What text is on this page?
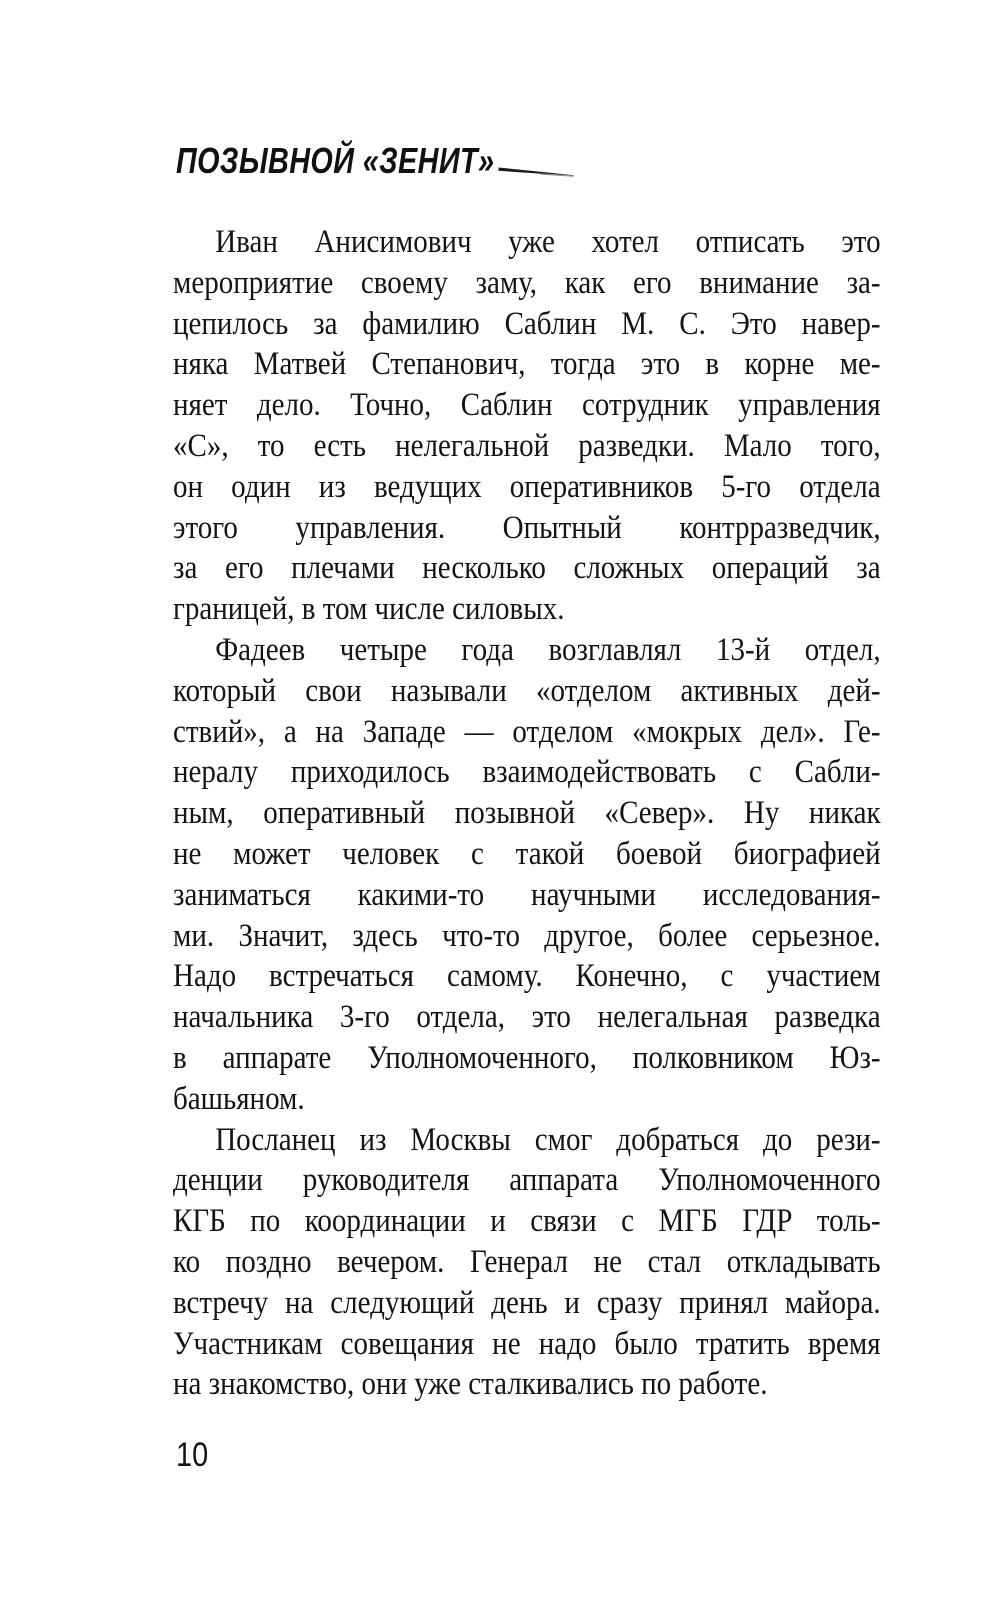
ПОЗЫВНОЙ «ЗЕНИТ»
Иван Анисимович уже хотел отписать это
мероприятие своему заму, как его внимание за-
цепилось за фамилию Саблин М. С. Это навер-
няка Матвей Степанович, тогда это в корне ме-
няет дело. Точно, Саблин сотрудник управления
«С», то есть нелегальной разведки. Мало того,
он один из ведущих оперативников 5-го отдела
этого управления. Опытный контрразведчик,
за его плечами несколько сложных операций за
границей, в том числе силовых.
Фадеев четыре года возглавлял 13-й отдел,
который свои называли «отделом активных дей-
ствий», а на Западе — отделом «мокрых дел». Ге-
нералу приходилось взаимодействовать с Сабли-
ным, оперативный позывной «Север». Ну никак
не может человек с такой боевой биографией
заниматься какими-то научными исследования-
ми. Значит, здесь что-то другое, более серьезное.
Надо встречаться самому. Конечно, с участием
начальника 3-го отдела, это нелегальная разведка
в аппарате Уполномоченного, полковником Юз-
башьяном.
Посланец из Москвы смог добраться до рези-
денции руководителя аппарата Уполномоченного
КГБ по координации и связи с МГБ ГДР толь-
ко поздно вечером. Генерал не стал откладывать
встречу на следующий день и сразу принял майора.
Участникам совещания не надо было тратить время
на знакомство, они уже сталкивались по работе.
10
